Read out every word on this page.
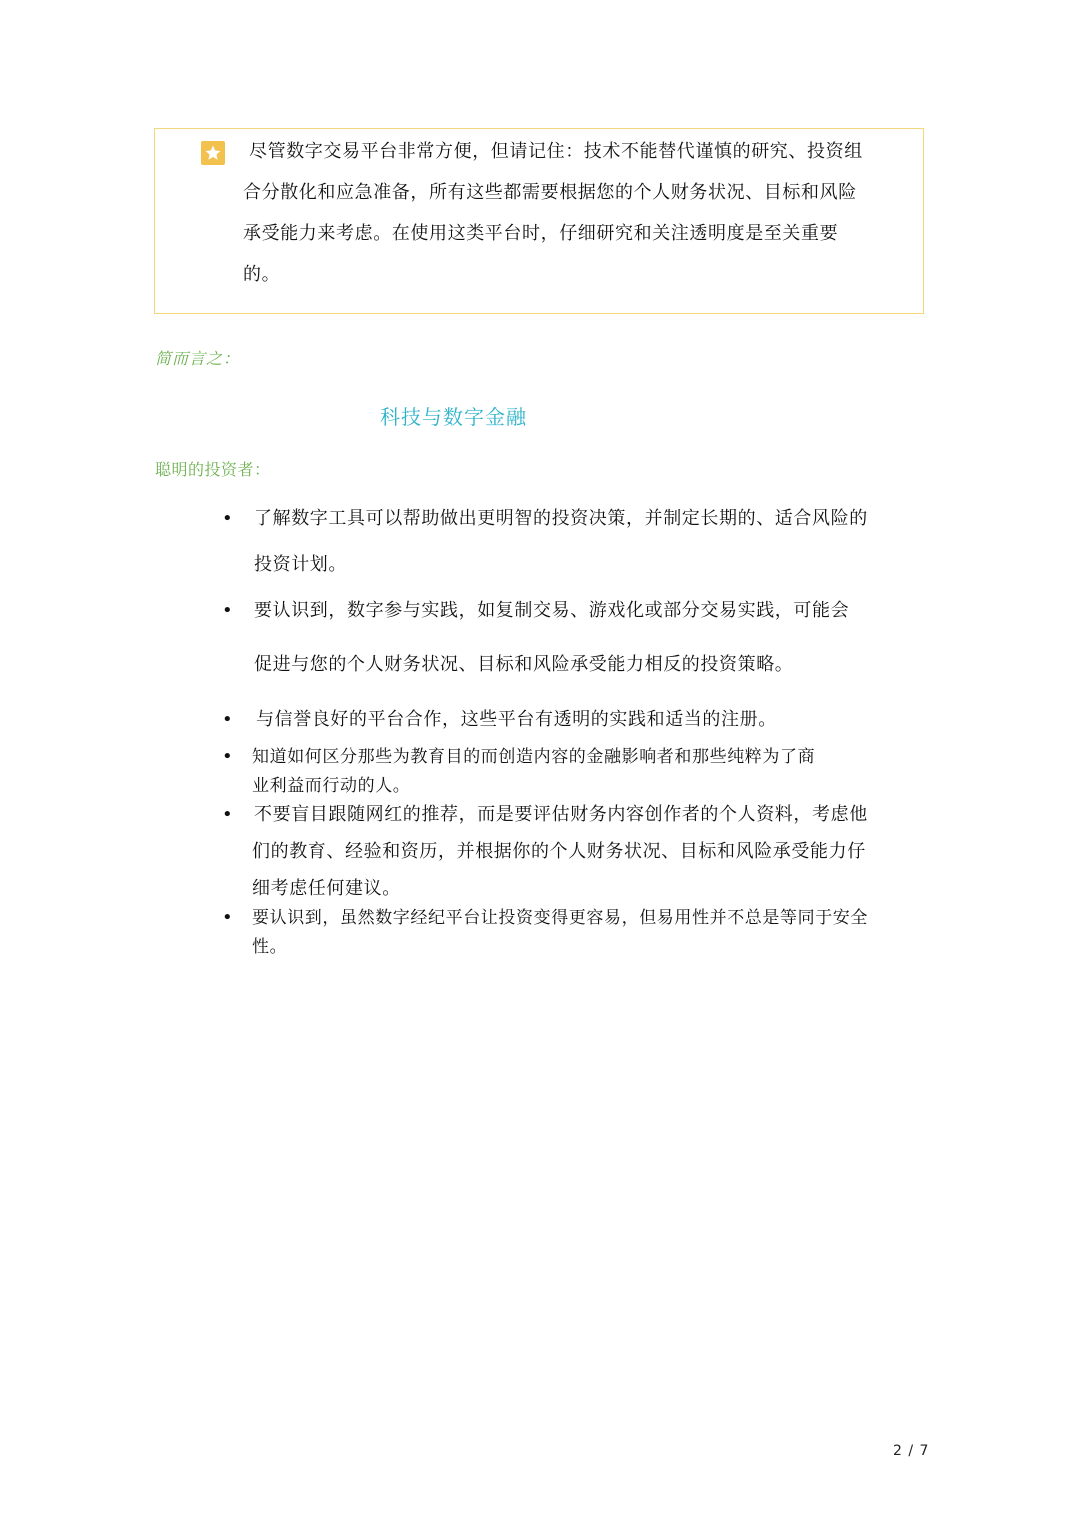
尽管数字交易平台非常方便，但请记住：技术不能替代谨慎的研究、投资组
合分散化和应急准备，所有这些都需要根据您的个人财务状况、目标和风险
承受能力来考虑。在使用这类平台时，仔细研究和关注透明度是至关重要
的。
简而言之：
科技与数字金融
聪明的投资者：
• 了解数字工具可以帮助做出更明智的投资决策，并制定长期的、适合风险的
投资计划。
• 要认识到，数字参与实践，如复制交易、游戏化或部分交易实践，可能会
促进与您的个人财务状况、目标和风险承受能力相反的投资策略。
• 与信誉良好的平台合作，这些平台有透明的实践和适当的注册。
• 知道如何区分那些为教育目的而创造内容的金融影响者和那些纯粹为了商
业利益而行动的人。
• 不要盲目跟随网红的推荐，而是要评估财务内容创作者的个人资料，考虑他
们的教育、经验和资历，并根据你的个人财务状况、目标和风险承受能力仔
细考虑任何建议。
• 要认识到，虽然数字经纪平台让投资变得更容易，但易用性并不总是等同于安全
性。
2 / 7
